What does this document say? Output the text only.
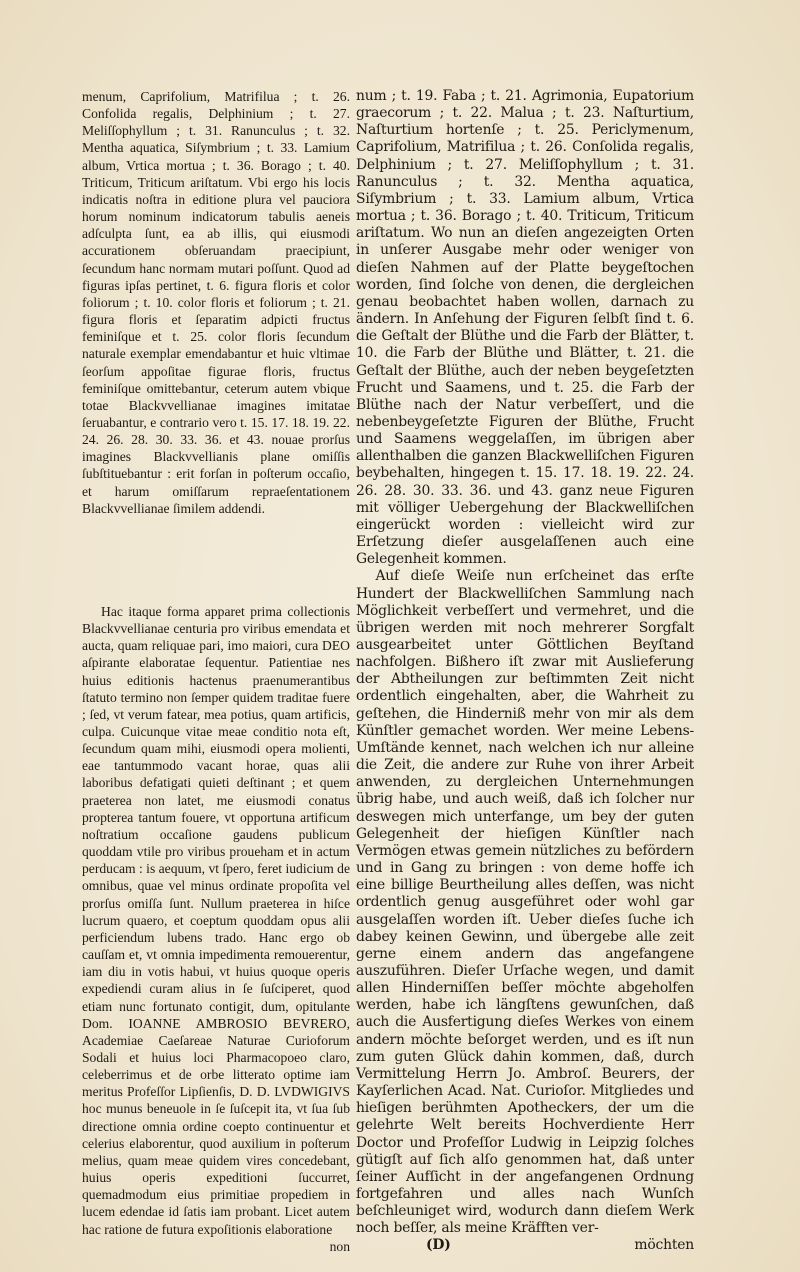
menum, Caprifolium, Matrifilua ; t. 26. Confolida regalis, Delphinium ; t. 27. Meliſſophyllum ; t. 31. Ranunculus ; t. 32. Mentha aquatica, Siſymbrium ; t. 33. Lamium album, Vrtica mortua ; t. 36. Borago ; t. 40. Triticum, Triticum ariſtatum. Vbi ergo his locis indicatis noſtra in editione plura vel pauciora horum nominum indicatorum tabulis aeneis adſculpta ſunt, ea ab illis, qui eiusmodi accurationem obſeruandam praecipiunt, ſecundum hanc normam mutari poſſunt. Quod ad figuras ipſas pertinet, t. 6. figura floris et color foliorum ; t. 10. color floris et foliorum ; t. 21. figura floris et ſeparatim adpicti fructus feminiſque et t. 25. color floris ſecundum naturale exemplar emendabantur et huic vltimae ſeorſum appoſitae figurae floris, fructus feminiſque omittebantur, ceterum autem vbique totae Blackvvellianae imagines imitatae ſeruabantur, e contrario vero t. 15. 17. 18. 19. 22. 24. 26. 28. 30. 33. 36. et 43. nouae prorſus imagines Blackvvellianis plane omiſſis ſubſtituebantur : erit forſan in poſterum occaſio, et harum omiſſarum repraeſentationem Blackvvellianae ſimilem addendi.

Hac itaque forma apparet prima collectionis Blackvvellianae centuria pro viribus emendata et aucta, quam reliquae pari, imo maiori, cura DEO aſpirante elaboratae ſequentur. Patientiae nes huius editionis hactenus praenumerantibus ſtatuto termino non ſemper quidem traditae fuere ; ſed, vt verum fatear, mea potius, quam artificis, culpa. Cuicunque vitae meae conditio nota eſt, ſecundum quam mihi, eiusmodi opera molienti, eae tantummodo vacant horae, quas alii laboribus defatigati quieti deſtinant ; et quem praeterea non latet, me eiusmodi conatus propterea tantum fouere, vt opportuna artificum noſtratium occaſione gaudens publicum quoddam vtile pro viribus proueham et in actum perducam : is aequum, vt ſpero, feret iudicium de omnibus, quae vel minus ordinate propoſita vel prorſus omiſſa ſunt. Nullum praeterea in hiſce lucrum quaero, et coeptum quoddam opus alii perficiendum lubens trado. Hanc ergo ob cauſſam et, vt omnia impedimenta remouerentur, iam diu in votis habui, vt huius quoque operis expediendi curam alius in ſe ſuſciperet, quod etiam nunc fortunato contigit, dum, opitulante Dom. IOANNE AMBROSIO BEVRERO, Academiae Caeſareae Naturae Curioforum Sodali et huius loci Pharmacopoeo claro, celeberrimus et de orbe litterato optime iam meritus Profeſſor Lipſienſis, D. D. LVDWIGIVS hoc munus beneuole in ſe ſuſcepit ita, vt ſua ſub directione omnia ordine coepto continuentur et celerius elaborentur, quod auxilium in poſterum melius, quam meae quidem vires concedebant, huius operis expeditioni ſuccurret, quemadmodum eius primitiae propediem in lucem edendae id ſatis iam probant. Licet autem hac ratione de futura expoſitionis elaboratione

non

num ; t. 19. Faba ; t. 21. Agrimonia, Eupatorium graecorum ; t. 22. Malua ; t. 23. Naſturtium, Naſturtium hortenſe ; t. 25. Periclymenum, Caprifolium, Matrifilua ; t. 26. Conſolida regalis, Delphinium ; t. 27. Meliſſophyllum ; t. 31. Ranunculus ; t. 32. Mentha aquatica, Siſymbrium ; t. 33. Lamium album, Vrtica mortua ; t. 36. Borago ; t. 40. Triticum, Triticum ariſtatum. Wo nun an dieſen angezeigten Orten in unſerer Ausgabe mehr oder weniger von dieſen Nahmen auf der Platte beygeſtochen worden, ſind ſolche von denen, die dergleichen genau beobachtet haben wollen, darnach zu ändern. In Anſehung der Figuren ſelbſt ſind t. 6. die Geſtalt der Blüthe und die Farb der Blätter, t. 10. die Farb der Blüthe und Blätter, t. 21. die Geſtalt der Blüthe, auch der neben beygeſetzten Frucht und Saamens, und t. 25. die Farb der Blüthe nach der Natur verbeſſert, und die nebenbeygeſetzte Figuren der Blüthe, Frucht und Saamens weggelaſſen, im übrigen aber allenthalben die ganzen Blackwelliſchen Figuren beybehalten, hingegen t. 15. 17. 18. 19. 22. 24. 26. 28. 30. 33. 36. und 43. ganz neue Figuren mit völliger Uebergehung der Blackwelliſchen eingerückt worden : vielleicht wird zur Erſetzung dieſer ausgelaſſenen auch eine Gelegenheit kommen.

Auf dieſe Weiſe nun erſcheinet das erſte Hundert der Blackwelliſchen Sammlung nach Möglichkeit verbeſſert und vermehret, und die übrigen werden mit noch mehrerer Sorgfalt ausgearbeitet unter Göttlichen Beyſtand nachfolgen. Bißhero iſt zwar mit Auslieferung der Abtheilungen zur beſtimmten Zeit nicht ordentlich eingehalten, aber, die Wahrheit zu geſtehen, die Hinderniß mehr von mir als dem Künſtler gemachet worden. Wer meine Lebens-Umſtände kennet, nach welchen ich nur alleine die Zeit, die andere zur Ruhe von ihrer Arbeit anwenden, zu dergleichen Unternehmungen übrig habe, und auch weiß, daß ich ſolcher nur deswegen mich unterfange, um bey der guten Gelegenheit der hieſigen Künſtler nach Vermögen etwas gemein nützliches zu befördern und in Gang zu bringen : von deme hoffe ich eine billige Beurtheilung alles deſſen, was nicht ordentlich genug ausgeführet oder wohl gar ausgelaſſen worden iſt. Ueber dieſes ſuche ich dabey keinen Gewinn, und übergebe alle zeit gerne einem andern das angefangene auszuführen. Dieſer Urſache wegen, und damit allen Hinderniſſen beſſer möchte abgeholfen werden, habe ich längſtens gewunſchen, daß auch die Ausfertigung dieſes Werkes von einem andern möchte beſorget werden, und es iſt nun zum guten Glück dahin kommen, daß, durch Vermittelung Herrn Jo. Ambroſ. Beurers, der Kayſerlichen Acad. Nat. Curioſor. Mitgliedes und hieſigen berühmten Apotheckers, der um die gelehrte Welt bereits Hochverdiente Herr Doctor und Profeſſor Ludwig in Leipzig ſolches gütigſt auf ſich alſo genommen hat, daß unter ſeiner Aufſicht in der angefangenen Ordnung fortgefahren und alles nach Wunſch beſchleuniget wird, wodurch dann dieſem Werk noch beſſer, als meine Kräfften ver-

(D)	möchten
